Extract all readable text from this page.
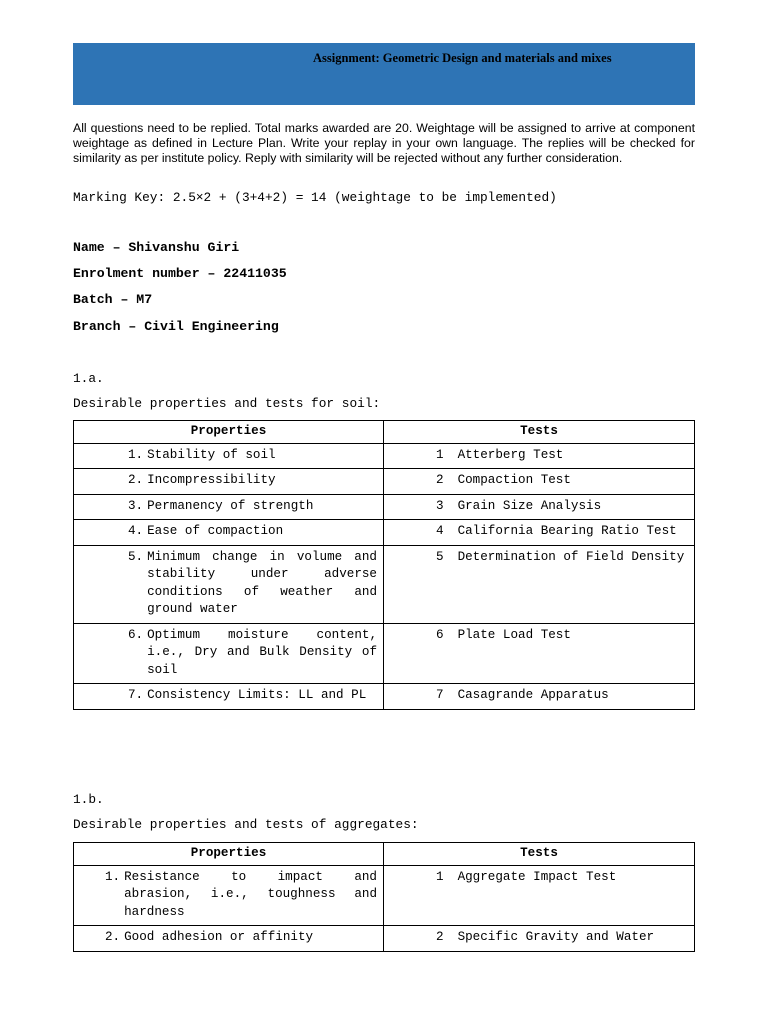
Assignment: Geometric Design and materials and mixes
All questions need to be replied. Total marks awarded are 20. Weightage will be assigned to arrive at component weightage as defined in Lecture Plan. Write your replay in your own language. The replies will be checked for similarity as per institute policy. Reply with similarity will be rejected without any further consideration.
Marking Key: 2.5×2 + (3+4+2) = 14 (weightage to be implemented)
Name – Shivanshu Giri
Enrolment number – 22411035
Batch – M7
Branch – Civil Engineering
1.a.
Desirable properties and tests for soil:
Properties	Tests

1. Stability of soil	1 Atterberg Test

2. Incompressibility	2 Compaction Test

3. Permanency of strength	3 Grain Size Analysis

4. Ease of compaction	4 California Bearing Ratio Test

5. Minimum change in volume and stability under adverse conditions of weather and ground water	5 Determination of Field Density

6. Optimum moisture content, i.e., Dry and Bulk Density of soil	6 Plate Load Test

7. Consistency Limits: LL and PL	7 Casagrande Apparatus
1.b.
Desirable properties and tests of aggregates:
Properties	Tests

1. Resistance to impact and abrasion, i.e., toughness and hardness	1 Aggregate Impact Test

2. Good adhesion or affinity	2 Specific Gravity and Water
